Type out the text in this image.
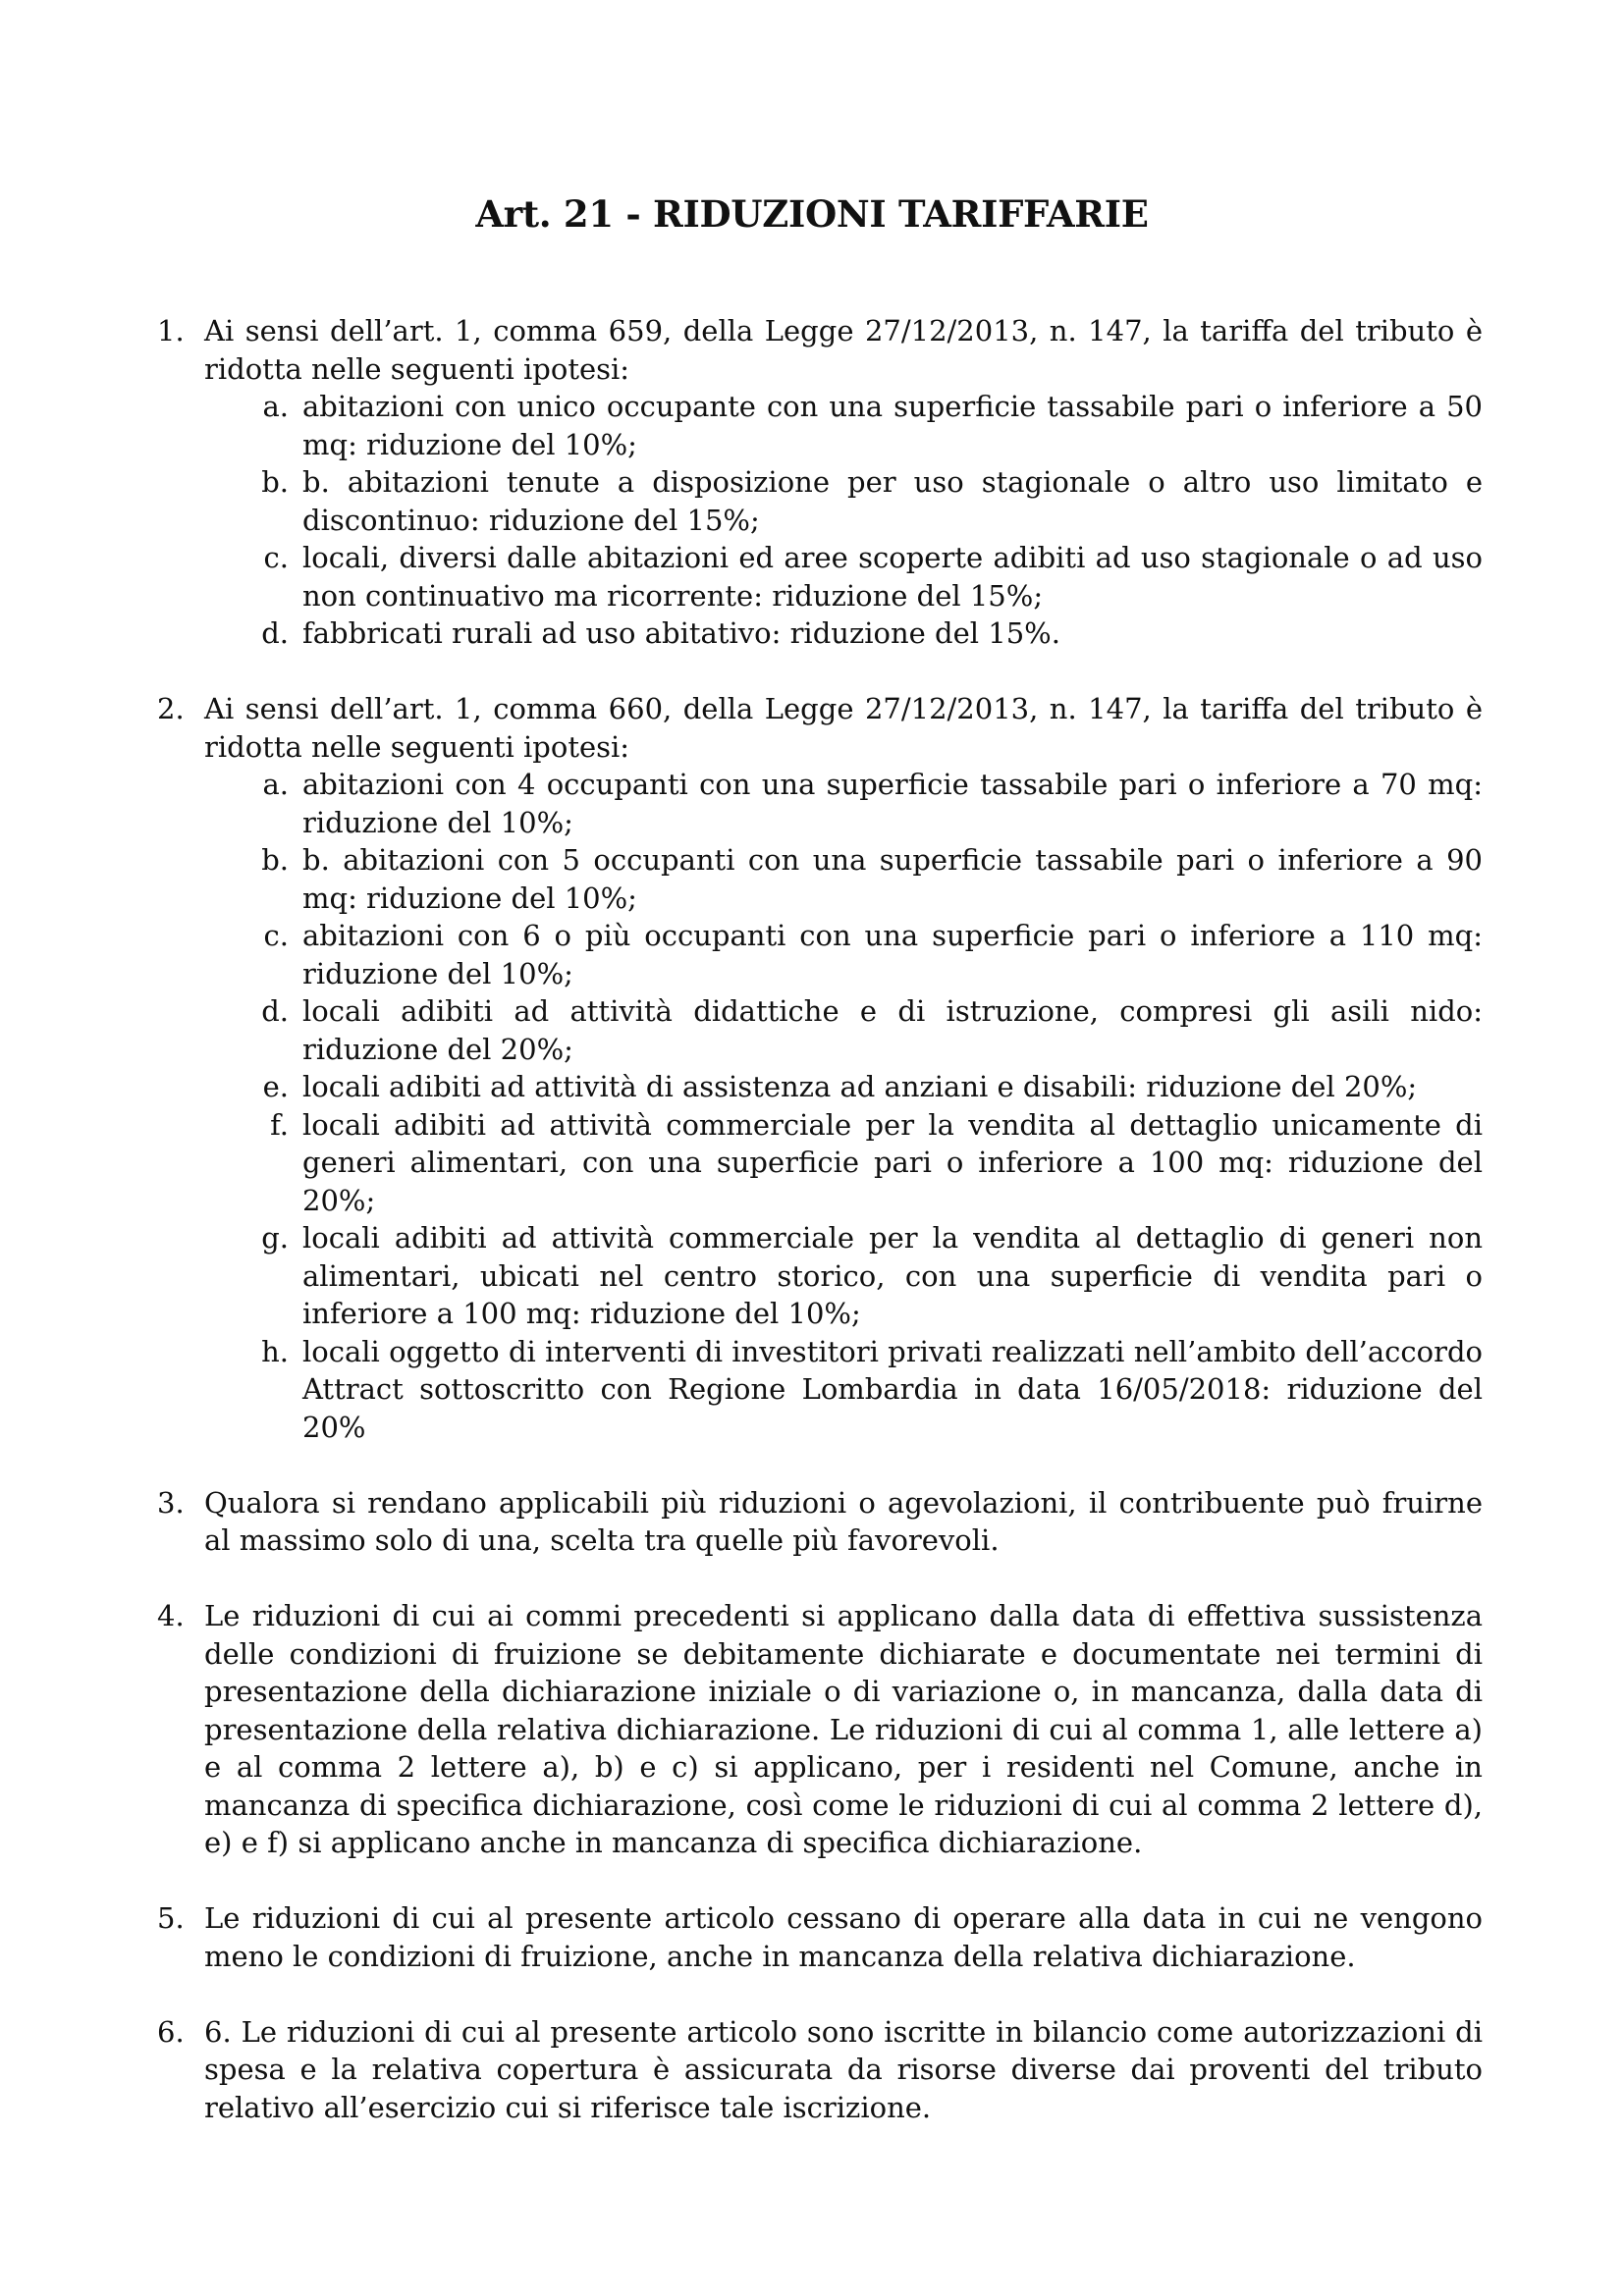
Art. 21 - RIDUZIONI TARIFFARIE
1. Ai sensi dell’art. 1, comma 659, della Legge 27/12/2013, n. 147, la tariffa del tributo è ridotta nelle seguenti ipotesi:
a. abitazioni con unico occupante con una superficie tassabile pari o inferiore a 50 mq: riduzione del 10%;
b. b. abitazioni tenute a disposizione per uso stagionale o altro uso limitato e discontinuo: riduzione del 15%;
c. locali, diversi dalle abitazioni ed aree scoperte adibiti ad uso stagionale o ad uso non continuativo ma ricorrente: riduzione del 15%;
d. fabbricati rurali ad uso abitativo: riduzione del 15%.
2. Ai sensi dell’art. 1, comma 660, della Legge 27/12/2013, n. 147, la tariffa del tributo è ridotta nelle seguenti ipotesi:
a. abitazioni con 4 occupanti con una superficie tassabile pari o inferiore a 70 mq: riduzione del 10%;
b. b. abitazioni con 5 occupanti con una superficie tassabile pari o inferiore a 90 mq: riduzione del 10%;
c. abitazioni con 6 o più occupanti con una superficie pari o inferiore a 110 mq: riduzione del 10%;
d. locali adibiti ad attività didattiche e di istruzione, compresi gli asili nido: riduzione del 20%;
e. locali adibiti ad attività di assistenza ad anziani e disabili: riduzione del 20%;
f. locali adibiti ad attività commerciale per la vendita al dettaglio unicamente di generi alimentari, con una superficie pari o inferiore a 100 mq: riduzione del 20%;
g. locali adibiti ad attività commerciale per la vendita al dettaglio di generi non alimentari, ubicati nel centro storico, con una superficie di vendita pari o inferiore a 100 mq: riduzione del 10%;
h. locali oggetto di interventi di investitori privati realizzati nell’ambito dell’accordo Attract sottoscritto con Regione Lombardia in data 16/05/2018: riduzione del 20%
3. Qualora si rendano applicabili più riduzioni o agevolazioni, il contribuente può fruirne al massimo solo di una, scelta tra quelle più favorevoli.
4. Le riduzioni di cui ai commi precedenti si applicano dalla data di effettiva sussistenza delle condizioni di fruizione se debitamente dichiarate e documentate nei termini di presentazione della dichiarazione iniziale o di variazione o, in mancanza, dalla data di presentazione della relativa dichiarazione. Le riduzioni di cui al comma 1, alle lettere a) e al comma 2 lettere a), b) e c) si applicano, per i residenti nel Comune, anche in mancanza di specifica dichiarazione, così come le riduzioni di cui al comma 2 lettere d), e) e f) si applicano anche in mancanza di specifica dichiarazione.
5. Le riduzioni di cui al presente articolo cessano di operare alla data in cui ne vengono meno le condizioni di fruizione, anche in mancanza della relativa dichiarazione.
6. 6. Le riduzioni di cui al presente articolo sono iscritte in bilancio come autorizzazioni di spesa e la relativa copertura è assicurata da risorse diverse dai proventi del tributo relativo all’esercizio cui si riferisce tale iscrizione.
